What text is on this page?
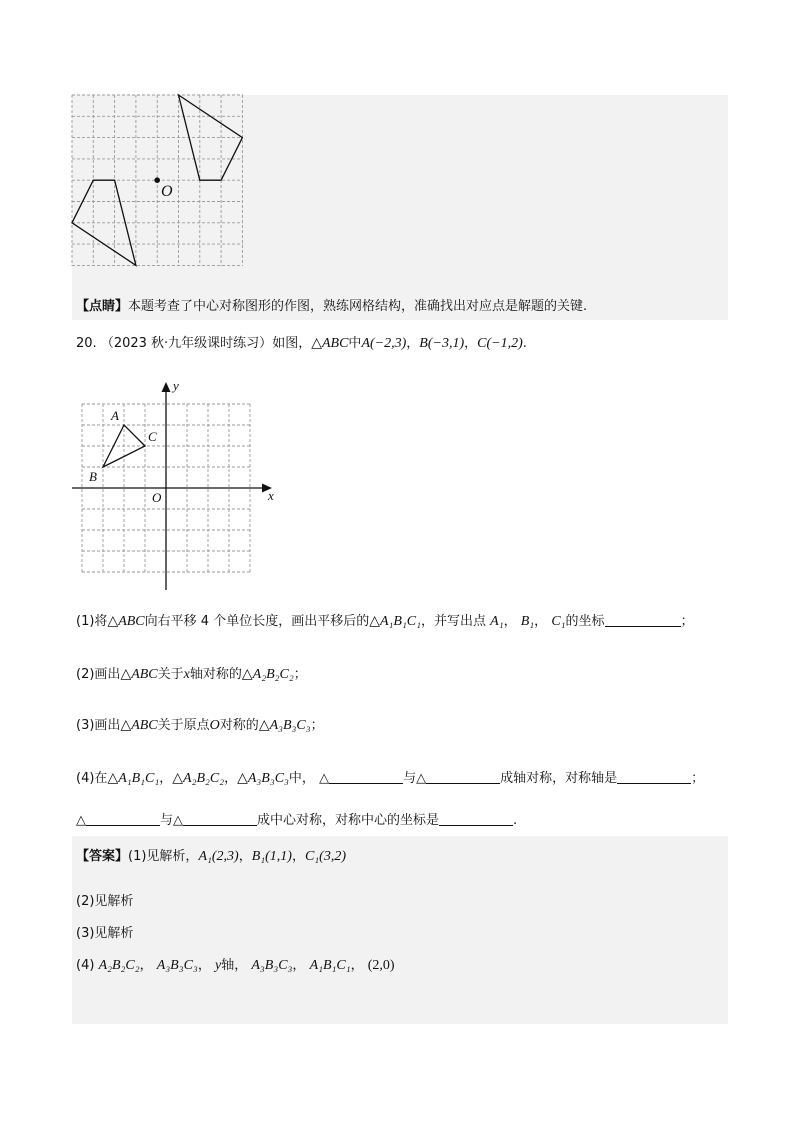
O
【点睛】本题考查了中心对称图形的作图，熟练网格结构，准确找出对应点是解题的关键.
20. （2023 秋·九年级课时练习）如图，△ABC中A(−2,3)，B(−3,1)，C(−1,2).
x
y
O
A
B
C
(1)将△ABC向右平移 4 个单位长度，画出平移后的△A₁B₁C₁，并写出点 A₁， B₁， C₁的坐标	；
(2)画出△ABC关于x轴对称的△A₂B₂C₂；
(3)画出△ABC关于原点O对称的△A₃B₃C₃；
(4)在△A₁B₁C₁，△A₂B₂C₂，△A₃B₃C₃中， △	与△	成轴对称，对称轴是	；
△	与△	成中心对称，对称中心的坐标是	.
【答案】(1)见解析，A₁(2,3)，B₁(1,1)，C₁(3,2)
(2)见解析
(3)见解析
(4) A₂B₂C₂， A₃B₃C₃， y轴， A₃B₃C₃， A₁B₁C₁， (2,0)
